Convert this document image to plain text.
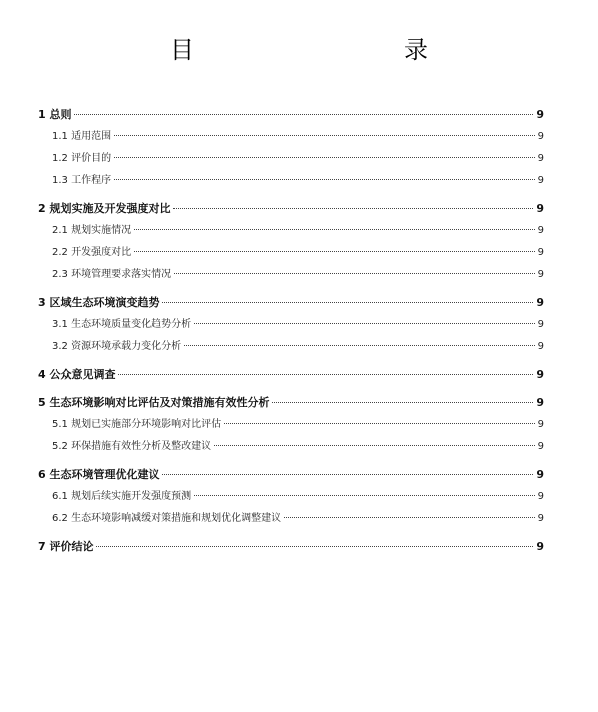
目　　录
1 总则	9
1.1 适用范围	9
1.2 评价目的	9
1.3 工作程序	9
2 规划实施及开发强度对比	9
2.1 规划实施情况	9
2.2 开发强度对比	9
2.3 环境管理要求落实情况	9
3 区域生态环境演变趋势	9
3.1 生态环境质量变化趋势分析	9
3.2 资源环境承载力变化分析	9
4 公众意见调查	9
5 生态环境影响对比评估及对策措施有效性分析	9
5.1 规划已实施部分环境影响对比评估	9
5.2 环保措施有效性分析及整改建议	9
6 生态环境管理优化建议	9
6.1 规划后续实施开发强度预测	9
6.2 生态环境影响减缓对策措施和规划优化调整建议	9
7 评价结论	9
